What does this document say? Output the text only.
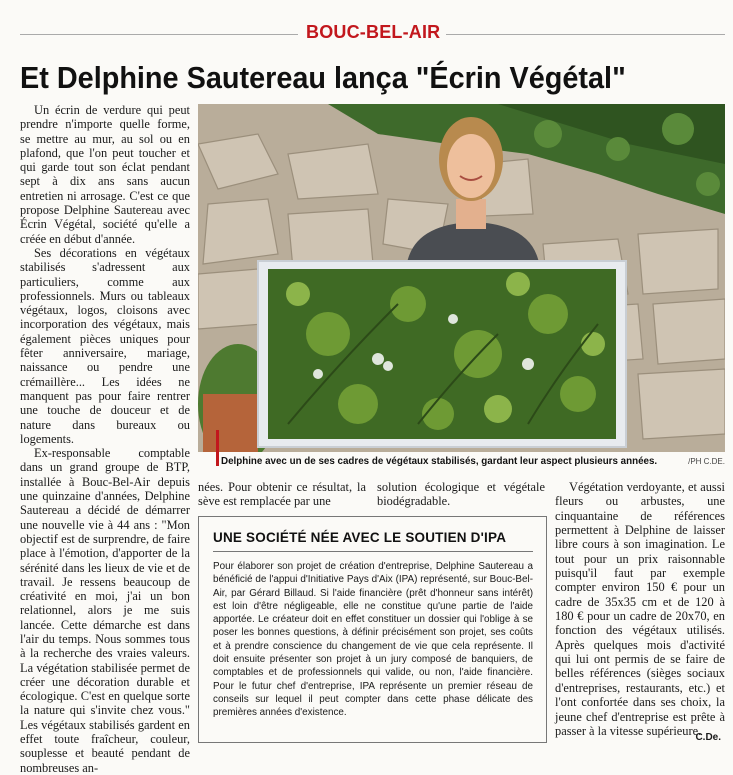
BOUC-BEL-AIR
Et Delphine Sautereau lança "Écrin Végétal"

Un écrin de verdure qui peut prendre n'importe quelle forme, se mettre au mur, au sol ou en plafond, que l'on peut toucher et qui garde tout son éclat pendant sept à dix ans sans aucun entretien ni arrosage. C'est ce que propose Delphine Sautereau avec Écrin Végétal, société qu'elle a créée en début d'année.

Ses décorations en végétaux stabilisés s'adressent aux particuliers, comme aux professionnels. Murs ou tableaux végétaux, logos, cloisons avec incorporation des végétaux, mais également pièces uniques pour fêter anniversaire, mariage, naissance ou pendre une crémaillère... Les idées ne manquent pas pour faire rentrer une touche de douceur et de nature dans bureaux ou logements.

Ex-responsable comptable dans un grand groupe de BTP, installée à Bouc-Bel-Air depuis une quinzaine d'années, Delphine Sautereau a décidé de démarrer une nouvelle vie à 44 ans : "Mon objectif est de surprendre, de faire place à l'émotion, d'apporter de la sérénité dans les lieux de vie et de travail. Je ressens beaucoup de créativité en moi, j'ai un bon relationnel, alors je me suis lancée. Cette démarche est dans l'air du temps. Nous sommes tous à la recherche des vraies valeurs. La végétation stabilisée permet de créer une décoration durable et écologique. C'est en quelque sorte la nature qui s'invite chez vous." Les végétaux stabilisés gardent en effet toute fraîcheur, couleur, souplesse et beauté pendant de nombreuses an-

Delphine avec un de ses cadres de végétaux stabilisés, gardant leur aspect plusieurs années.	/PH C.DE.

nées. Pour obtenir ce résultat, la sève est remplacée par une

solution écologique et végétale biodégradable.

UNE SOCIÉTÉ NÉE AVEC LE SOUTIEN D'IPA
Pour élaborer son projet de création d'entreprise, Delphine Sautereau a bénéficié de l'appui d'Initiative Pays d'Aix (IPA) représenté, sur Bouc-Bel-Air, par Gérard Billaud. Si l'aide financière (prêt d'honneur sans intérêt) est loin d'être négligeable, elle ne constitue qu'une partie de l'aide apportée. Le créateur doit en effet constituer un dossier qui l'oblige à se poser les bonnes questions, à définir précisément son projet, ses coûts et à prendre conscience du changement de vie que cela représente. Il doit ensuite présenter son projet à un jury composé de banquiers, de comptables et de professionnels qui valide, ou non, l'aide financière. Pour le futur chef d'entreprise, IPA représente un premier réseau de conseils sur lequel il peut compter dans cette phase délicate des premières années d'existence.

Végétation verdoyante, et aussi fleurs ou arbustes, une cinquantaine de références permettent à Delphine de laisser libre cours à son imagination. Le tout pour un prix raisonnable puisqu'il faut par exemple compter environ 150 € pour un cadre de 35x35 cm et de 120 à 180 € pour un cadre de 20x70, en fonction des végétaux utilisés. Après quelques mois d'activité qui lui ont permis de se faire de belles références (sièges sociaux d'entreprises, restaurants, etc.) et l'ont confortée dans ses choix, la jeune chef d'entreprise est prête à passer à la vitesse supérieure.

C.De.
